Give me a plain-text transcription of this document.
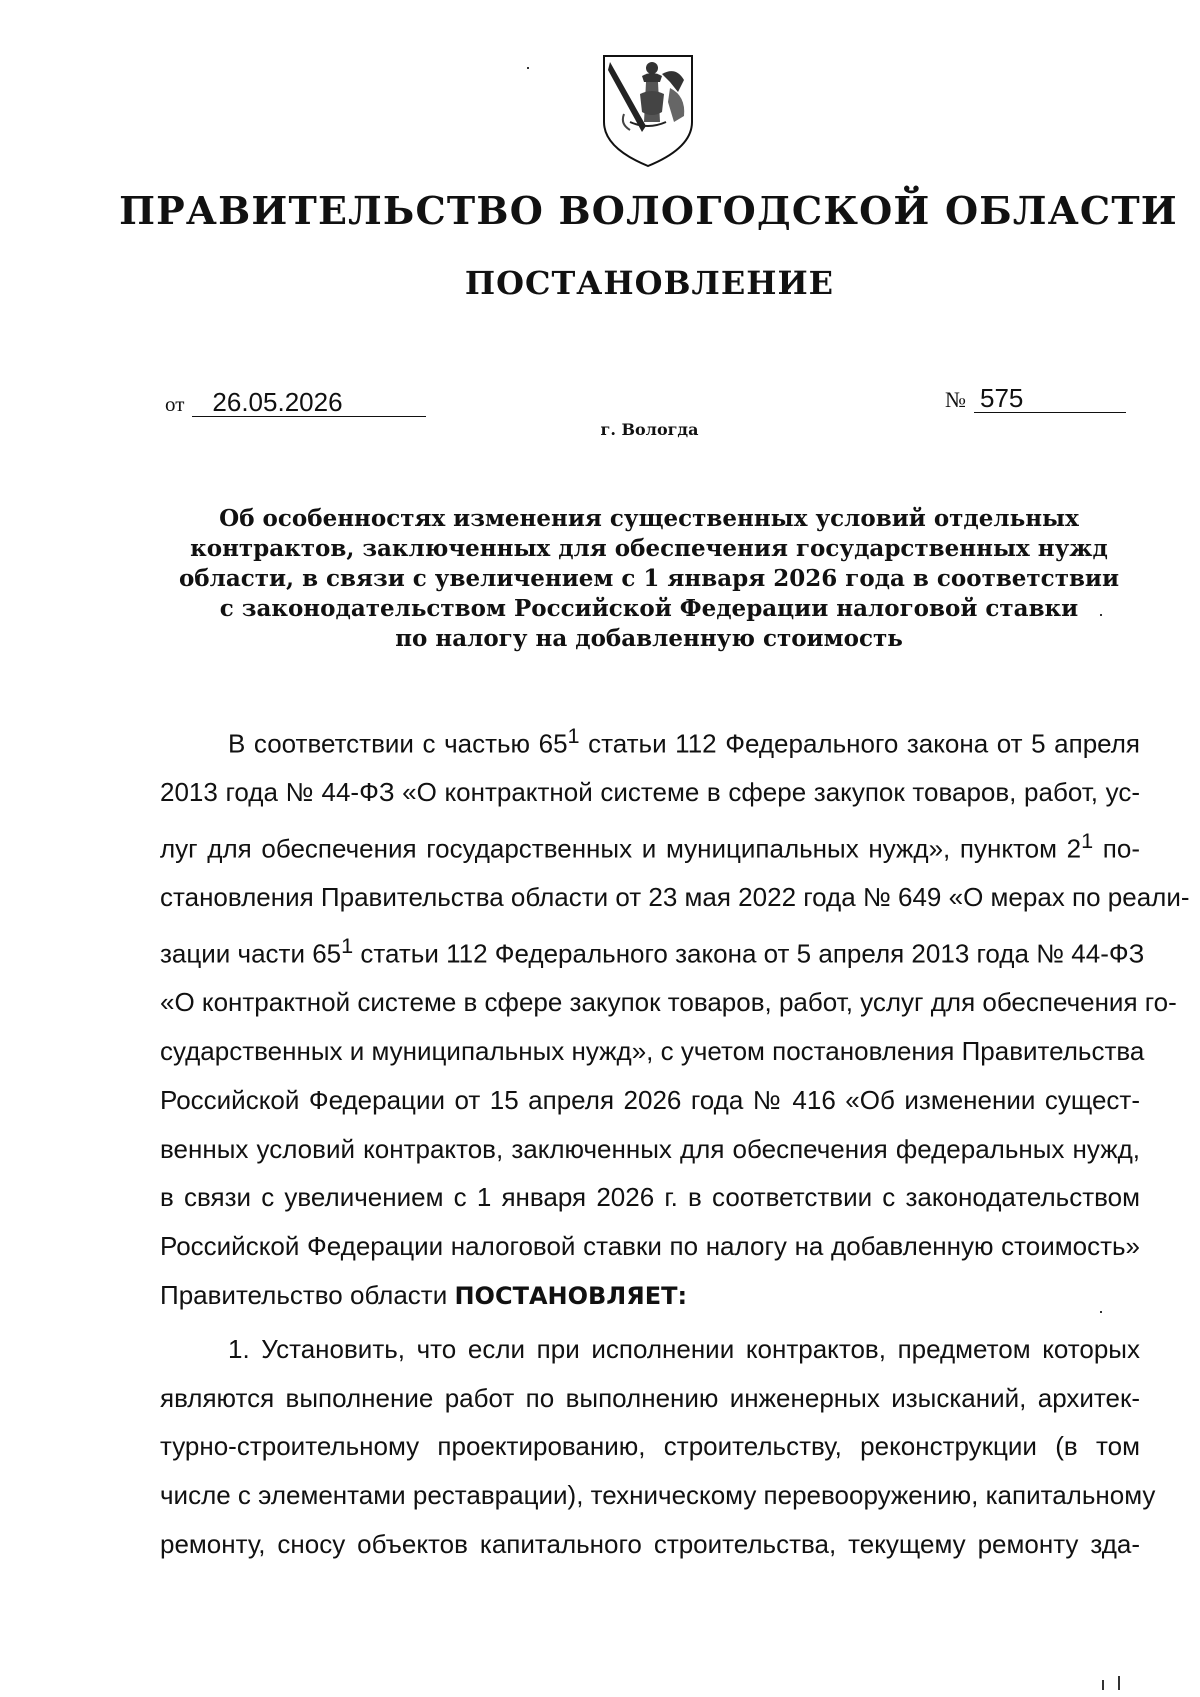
ПРАВИТЕЛЬСТВО ВОЛОГОДСКОЙ ОБЛАСТИ
ПОСТАНОВЛЕНИЕ
от 26.05.2026	№ 575
г. Вологда
Об особенностях изменения существенных условий отдельных
контрактов, заключенных для обеспечения государственных нужд
области, в связи с увеличением с 1 января 2026 года в соответствии
с законодательством Российской Федерации налоговой ставки
по налогу на добавленную стоимость
В соответствии с частью $65^1$ статьи 112 Федерального закона от 5 апреля
2013 года № 44-ФЗ «О контрактной системе в сфере закупок товаров, работ, ус-
луг для обеспечения государственных и муниципальных нужд», пунктом $2^1$ по-
становления Правительства области от 23 мая 2022 года № 649 «О мерах по реали-
зации части $65^1$ статьи 112 Федерального закона от 5 апреля 2013 года № 44-ФЗ
«О контрактной системе в сфере закупок товаров, работ, услуг для обеспечения го-
сударственных и муниципальных нужд», с учетом постановления Правительства
Российской Федерации от 15 апреля 2026 года № 416 «Об изменении сущест-
венных условий контрактов, заключенных для обеспечения федеральных нужд,
в связи с увеличением с 1 января 2026 г. в соответствии с законодательством
Российской Федерации налоговой ставки по налогу на добавленную стоимость»
Правительство области ПОСТАНОВЛЯЕТ:
1. Установить, что если при исполнении контрактов, предметом которых
являются выполнение работ по выполнению инженерных изысканий, архитек-
турно-строительному проектированию, строительству, реконструкции (в том
числе с элементами реставрации), техническому перевооружению, капитальному
ремонту, сносу объектов капитального строительства, текущему ремонту зда-
